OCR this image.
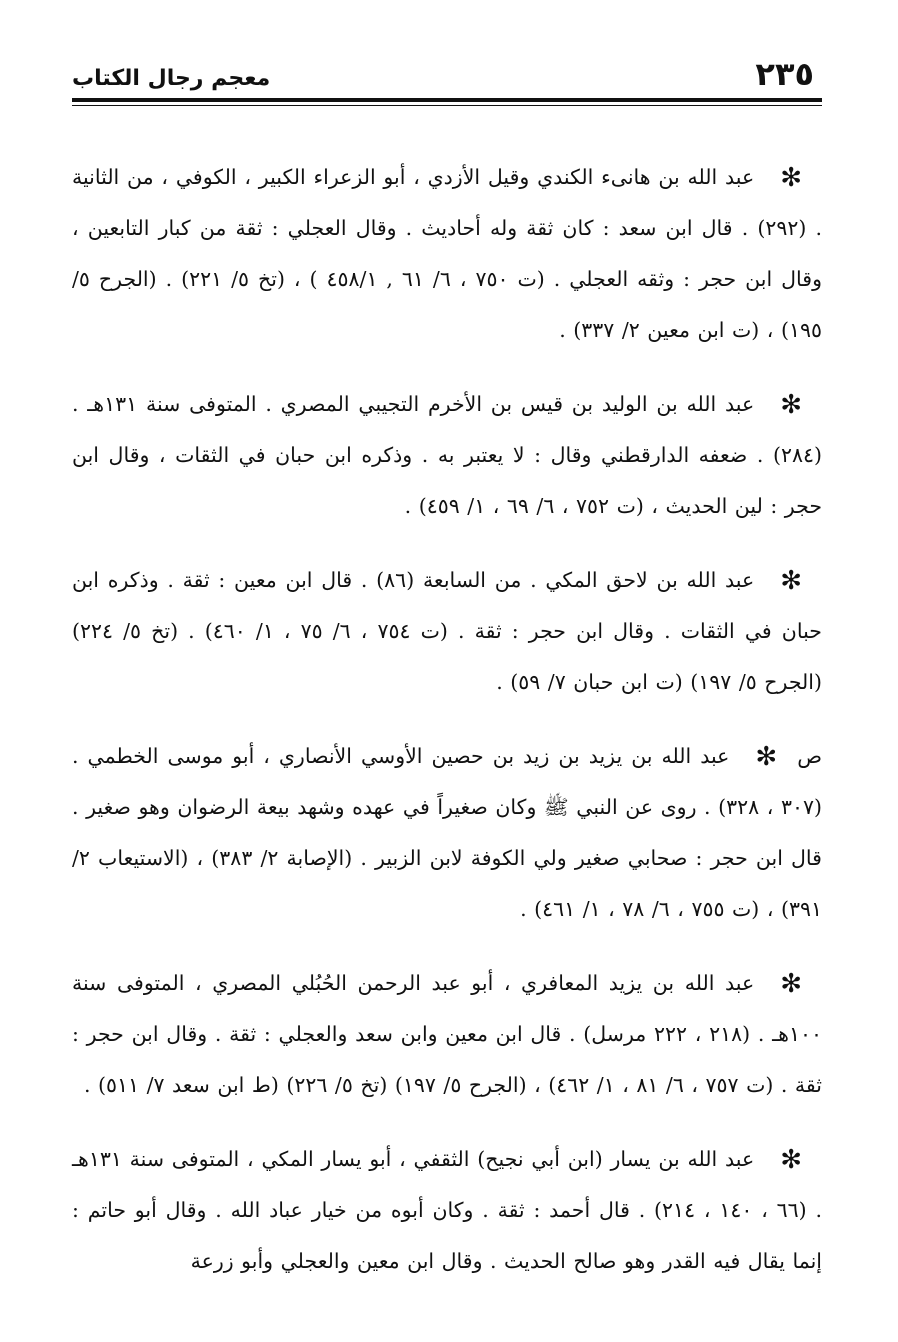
٢٣٥
معجم رجال الكتاب

✻عبد الله بن هانىء الكندي وقيل الأزدي ، أبو الزعراء الكبير ، الكوفي ، من الثانية . (٢٩٢) . قال ابن سعد : كان ثقة وله أحاديث . وقال العجلي : ثقة من كبار التابعين ، وقال ابن حجر : وثقه العجلي . (ت ٧٥٠ ، ٦/ ٦١ , ٤٥٨/١ ) ، (تخ ٥/ ٢٢١) . (الجرح ٥/ ١٩٥) ، (ت ابن معين ٢/ ٣٣٧) .

✻عبد الله بن الوليد بن قيس بن الأخرم التجيبي المصري . المتوفى سنة ١٣١هـ . (٢٨٤) . ضعفه الدارقطني وقال : لا يعتبر به . وذكره ابن حبان في الثقات ، وقال ابن حجر : لين الحديث ، (ت ٧٥٢ ، ٦/ ٦٩ ، ١/ ٤٥٩) .

✻عبد الله بن لاحق المكي . من السابعة (٨٦) . قال ابن معين : ثقة . وذكره ابن حبان في الثقات . وقال ابن حجر : ثقة . (ت ٧٥٤ ، ٦/ ٧٥ ، ١/ ٤٦٠) . (تخ ٥/ ٢٢٤) (الجرح ٥/ ١٩٧) (ت ابن حبان ٧/ ٥٩) .

ص✻عبد الله بن يزيد بن زيد بن حصين الأوسي الأنصاري ، أبو موسى الخطمي . (٣٠٧ ، ٣٢٨) . روى عن النبي ﷺ وكان صغيراً في عهده وشهد بيعة الرضوان وهو صغير . قال ابن حجر : صحابي صغير ولي الكوفة لابن الزبير . (الإصابة ٢/ ٣٨٣) ، (الاستيعاب ٢/ ٣٩١) ، (ت ٧٥٥ ، ٦/ ٧٨ ، ١/ ٤٦١) .

✻عبد الله بن يزيد المعافري ، أبو عبد الرحمن الحُبُلي المصري ، المتوفى سنة ١٠٠هـ . (٢١٨ ، ٢٢٢ مرسل) . قال ابن معين وابن سعد والعجلي : ثقة . وقال ابن حجر : ثقة . (ت ٧٥٧ ، ٦/ ٨١ ، ١/ ٤٦٢) ، (الجرح ٥/ ١٩٧) (تخ ٥/ ٢٢٦) (ط ابن سعد ٧/ ٥١١) .

✻عبد الله بن يسار (ابن أبي نجيح) الثقفي ، أبو يسار المكي ، المتوفى سنة ١٣١هـ . (٦٦ ، ١٤٠ ، ٢١٤) . قال أحمد : ثقة . وكان أبوه من خيار عباد الله . وقال أبو حاتم : إنما يقال فيه القدر وهو صالح الحديث . وقال ابن معين والعجلي وأبو زرعة
